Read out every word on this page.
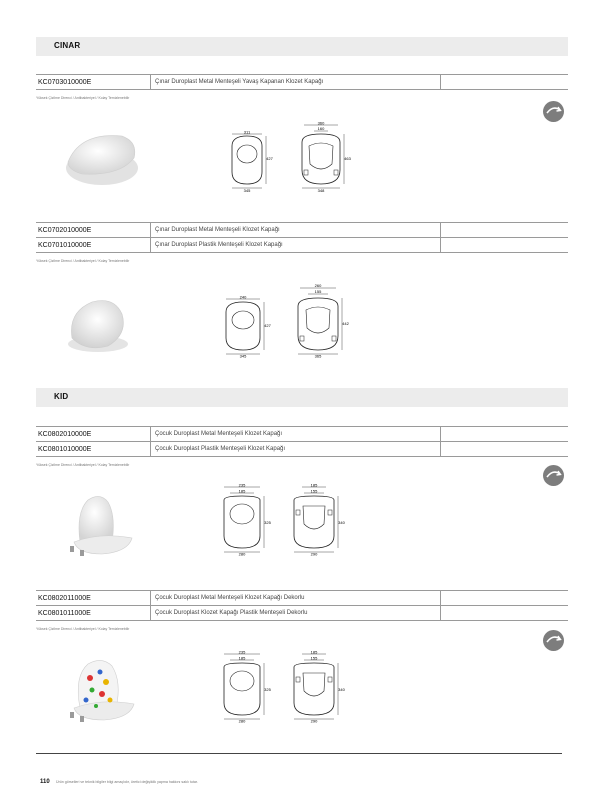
CINAR
KC0703010000E	Çınar Duroplast Metal Menteşeli Yavaş Kapanan Klozet Kapağı	
Yüksek Çizilme Direnci / Antibakteriyel / Kolay Temizlenebilir
311
427
345
160
360
463
348
KC0702010000E	Çınar Duroplast Metal Menteşeli Klozet Kapağı	
KC0701010000E	Çınar Duroplast Plastik Menteşeli Klozet Kapağı	
Yüksek Çizilme Direnci / Antibakteriyel / Kolay Temizlenebilir
240
427
345
155
260
442
365
KID
KC0802010000E	Çocuk Duroplast Metal Menteşeli Klozet Kapağı	
KC0801010000E	Çocuk Duroplast Plastik Menteşeli Klozet Kapağı	
Yüksek Çizilme Direnci / Antibakteriyel / Kolay Temizlenebilir
235
185
325
280
185
155
340
290
KC0802011000E	Çocuk Duroplast Metal Menteşeli Klozet Kapağı Dekorlu	
KC0801011000E	Çocuk Duroplast Klozet Kapağı Plastik Menteşeli Dekorlu	
Yüksek Çizilme Direnci / Antibakteriyel / Kolay Temizlenebilir
235
185
325
280
185
155
340
290
110 Ürün görselleri ve teknik bilgiler bilgi amaçlıdır, üretici değişiklik yapma hakkını saklı tutar.
